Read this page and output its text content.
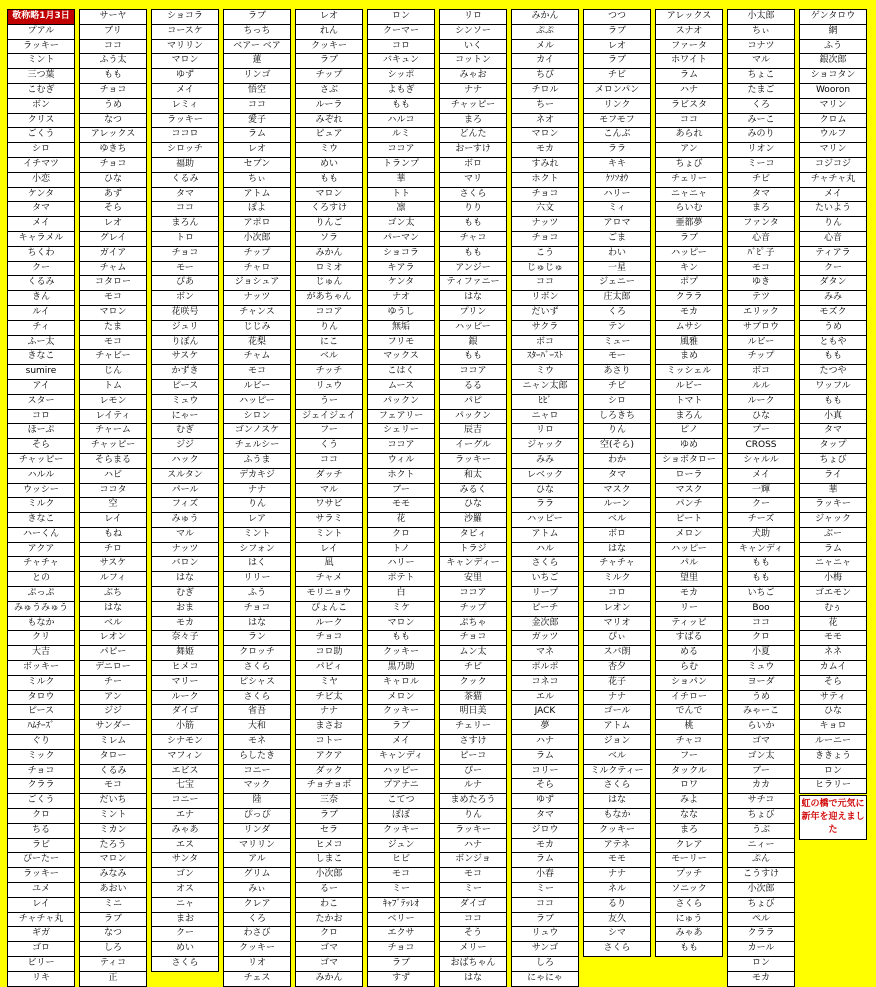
敬称略1月3日
プアル
ラッキー
ミント
三つ葉
こむぎ
ボン
クリス
ごくう
シロ
イチマツ
小恋
ケンタ
タマ
メイ
キャラメル
ちくわ
クー
くるみ
きん
ルイ
チィ
ふー太
きなこ
sumire
アイ
スター
コロ
ほーぷ
そら
チャッピー
ハルル
ウッシー
ミルク
きなこ
ハーくん
アクア
チャチャ
との
ぷっぷ
みゅうみゅう
もなか
クリ
大吉
ボッキー
ミルク
タロウ
ピース
ﾊﾑﾁｰｽﾞ
ぐり
ミック
チョコ
クララ
ごくう
クロ
ちる
ラビ
ぴーたー
ラッキー
ユメ
レイ
チャチャ丸
ギガ
ゴロ
ビリー
リキ
サーヤ
ブリ
ココ
ふう太
もも
チョコ
うめ
なつ
アレックス
ゆきち
チョコ
ひな
あず
そら
レオ
グレイ
ガイア
チャム
コタロー
モコ
マロン
たま
モコ
チャビー
じん
トム
レモン
レイティ
チャーム
チャッピー
そらまる
ハビ
ココタ
空
レイ
もね
チロ
サスケ
ルフィ
ぶち
はな
ベル
レオン
パピー
デニロー
チー
アン
ジジ
サンダー
ミレム
タロー
くるみ
モコ
だいち
ミント
ミカン
たろう
マロン
みなみ
あおい
ミニ
ラブ
なつ
しろ
ティコ
正
ショコラ
コースケ
マリリン
マロン
ゆず
メイ
レミィ
ラッキー
ココロ
シロッチ
福助
くるみ
タマ
ココ
まろん
トロ
チョコ
モー
ぴあ
ボン
花咲号
ジュリ
りぼん
サスケ
かずき
ピース
ミュウ
にゃー
むぎ
ジジ
ハック
スルタン
パール
フィズ
みゅう
マル
ナッツ
バロン
はな
むぎ
おま
モカ
奈々子
舞姫
ヒメコ
マリー
ルーク
ダイゴ
小筋
シナモン
マフィン
エビス
七宝
コニー
エナ
みゃあ
エス
サンタ
ゴン
オス
ニャ
まお
クー
めい
さくら
ラブ
ちっち
ベアー ベア
蓮
リンゴ
悟空
ココ
愛子
ラム
レオ
セブン
ちぃ
アトム
ぽよ
アポロ
小次郎
チップ
チャロ
ジョシュア
ナッツ
チャンス
じじみ
花梨
チャム
モコ
ルビー
ハッピー
シロン
ゴンノスケ
チェルシー
ふうま
デカキジ
ナナ
りん
レア
ミント
シフォン
はく
リリー
ふう
チョコ
はな
ラン
クロッチ
さくら
ピシャス
さくら
省吾
大和
モネ
らしたき
コニー
マック
陸
ぴっぴ
リンダ
マリリン
アル
グリム
みぃ
クレア
くろ
わさび
クッキー
リオ
チェス
レオ
れん
クッキー
ラブ
チップ
さぶ
ルーラ
みぞれ
ピュア
ミウ
めい
もも
マロン
くろすけ
りんご
ソラ
みかん
ロミオ
じゅん
があちゃん
ココア
りん
にこ
ベル
チッチ
リュウ
うー
ジェイジェイ
フー
くう
ココ
ダッチ
マル
ワサビ
サラミ
ミント
レイ
凪
チャメ
モリニョウ
ぴょんこ
ルーク
チョコ
コロ助
パピィ
ミヤ
チビ太
ナナ
まさお
コトー
アクア
ダック
チョチョボ
三奈
ラブ
セラ
ヒメコ
しまこ
小次郎
るー
わこ
たかお
クロ
ゴマ
ゴマ
みかん
ロン
クーマー
コロ
バキュン
シッポ
よもぎ
もも
ハルコ
ルミ
ココア
トランプ
華
トト
凛
ゴン太
パーマン
ショコラ
キアラ
ケンタ
ナオ
ゆうし
無垢
フリモ
マックス
こはく
ムース
パックン
フェアリー
シェリー
ココア
ウィル
ホクト
ブー
モモ
花
クロ
トノ
ハリー
ポテト
白
ミケ
マロン
もも
クッキー
黒乃助
キャロル
メロン
クッキー
ラブ
メイ
キャンディ
ハッピー
プアナニ
こてつ
ぽぽ
クッキー
ジュン
ヒビ
モコ
ミー
ｷｬﾌﾞﾃｯﾚｵ
ベリー
エクサ
チョコ
ラブ
すず
リロ
シンソー
いく
コットン
みゃお
ナナ
チャッピー
まろ
どんた
おーすけ
ボロ
マリ
さくら
りり
もも
チャコ
もも
アンジー
ティファニー
はな
プリン
ハッピー
銀
もも
ココア
るる
パピ
パックン
辰吉
イーグル
ラッキー
和太
みるく
ひな
沙羅
タビィ
トラジ
キャンディー
安里
ココア
チップ
ぷちゃ
チョコ
ムン太
チビ
クック
茶猫
明日美
チェリー
さすけ
ピーコ
ぴー
ルナ
まめたろう
りん
ラッキー
ハナ
ボンジョ
モコ
ミー
ダイゴ
ココ
そう
メリー
おばちゃん
はな
みかん
ぷぷ
メル
カイ
ちび
チロル
ちー
ネオ
マロン
モカ
すみれ
ホクト
チョコ
六文
ナッツ
チョコ
こう
じゅじゅ
ココ
リボン
だいず
サクラ
ボコ
ｽﾀｰﾊﾞｰｽﾄ
ミウ
ニャン太郎
ﾋﾋﾞ
ニャロ
リロ
ジャック
みみ
レベック
ひな
ララ
ハッピー
アトム
ハル
さくら
いちご
リープ
ピーチ
金次郎
ガッツ
マネ
ポルポ
コネコ
エル
JACK
夢
ハナ
ラム
コリー
そら
ゆず
タマ
ジロウ
モカ
ラム
小春
ミー
ココ
ラブ
リュウ
サンゴ
しろ
にゃにゃ
つつ
ラブ
レオ
ラブ
チビ
メロンパン
リンク
モフモフ
こんぶ
ララ
キキ
ｹｿｿｵｳ
ハリー
ミィ
アロマ
ごま
わい
一星
ジェニー
庄太郎
くろ
テン
ミュー
モー
あさり
チビ
シロ
しろきち
りん
空(そら)
わか
タマ
マスク
ルーン
ベル
ボロ
はな
チャチャ
ミルク
コロ
レオン
マリオ
ぴぃ
スバ朗
杏夕
花子
ナナ
ゴール
アトム
ジョン
ベル
ミルクティー
さくら
はな
もなか
クッキー
アテネ
モモ
ナナ
ネル
るり
友久
シマ
さくら
アレックス
スナオ
ファータ
ホワイト
ラム
ハナ
ラビスタ
ココ
あられ
アン
ちょび
チェリー
ニャニャ
らいむ
亜都夢
ラブ
ハッピー
キン
ポプ
クララ
モカ
ムサシ
風雅
まめ
ミッシェル
ルビー
トマト
まろん
ピノ
ゆめ
ショボタロー
ローラ
マスク
パンチ
ピート
メロン
ハッピー
パル
望里
モカ
リー
ティッピ
すばる
める
らむ
ショパン
イチロー
でんで
桃
チャコ
フー
タックル
ロワ
みよ
なな
まろ
クレア
モーリー
プッチ
ソニック
さくら
にゅう
みゃあ
もも
小太郎
ちぃ
コナツ
マル
ちょこ
たまご
くろ
みーこ
みのり
リオン
ミーコ
チビ
タマ
まろ
ファンタ
心音
ﾊﾞﾋﾟ子
モコ
ゆき
テツ
エリック
サブロウ
ルビー
チップ
ボコ
ルル
ルーク
ひな
プー
CROSS
シャルル
メイ
一輝
クー
チーズ
犬助
キャンディ
もも
もも
いちご
Boo
ココ
クロ
小夏
ミュウ
ヨーダ
うめ
みゃーこ
らいか
ゴマ
ゴン太
ブー
カカ
サチコ
ちょび
うぶ
ニィー
ぷん
こうすけ
小次郎
ちょび
ペル
クララ
カール
ロン
モカ
ゲンタロウ
網
ふう
銀次郎
ショコタン
Wooron
マリン
クロム
ウルフ
マリン
コジコジ
チャチャ丸
メイ
たいよう
りん
心音
ティアラ
クー
ダタン
みみ
モズク
うめ
ともや
もも
たつや
ワッフル
もも
小真
タマ
タップ
ちょび
ライ
華
ラッキー
ジャック
ぶー
ラム
ニャニャ
小梅
ゴエモン
むぅ
花
モモ
ネネ
カムイ
そら
サティ
ひな
キョロ
ルーニー
ききょう
ロン
ヒラリー
虹の橋で元気に新年を迎えました
